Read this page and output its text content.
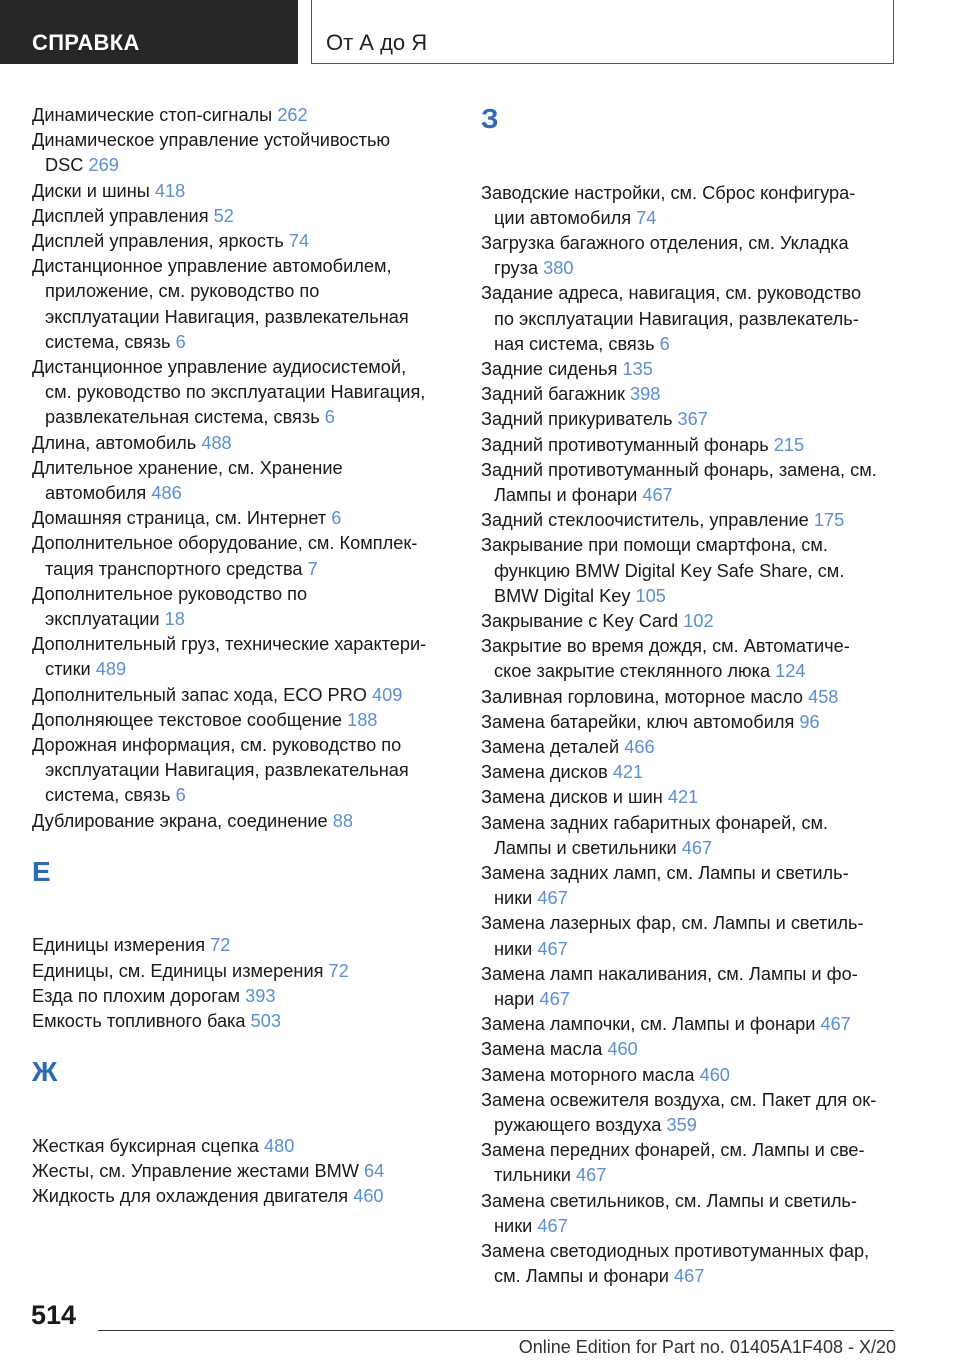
СПРАВКА	От А до Я
Динамические стоп-сигналы 262
Динамическое управление устойчивостью
DSC 269
Диски и шины 418
Дисплей управления 52
Дисплей управления, яркость 74
Дистанционное управление автомобилем,
приложение, см. руководство по
эксплуатации Навигация, развлекательная
система, связь 6
Дистанционное управление аудиосистемой,
см. руководство по эксплуатации Навигация,
развлекательная система, связь 6
Длина, автомобиль 488
Длительное хранение, см. Хранение
автомобиля 486
Домашняя страница, см. Интернет 6
Дополнительное оборудование, см. Комплек-
тация транспортного средства 7
Дополнительное руководство по
эксплуатации 18
Дополнительный груз, технические характери-
стики 489
Дополнительный запас хода, ECO PRO 409
Дополняющее текстовое сообщение 188
Дорожная информация, см. руководство по
эксплуатации Навигация, развлекательная
система, связь 6
Дублирование экрана, соединение 88
Е
Единицы измерения 72
Единицы, см. Единицы измерения 72
Езда по плохим дорогам 393
Емкость топливного бака 503
Ж
Жесткая буксирная сцепка 480
Жесты, см. Управление жестами BMW 64
Жидкость для охлаждения двигателя 460
З
Заводские настройки, см. Сброс конфигура-
ции автомобиля 74
Загрузка багажного отделения, см. Укладка
груза 380
Задание адреса, навигация, см. руководство
по эксплуатации Навигация, развлекатель-
ная система, связь 6
Задние сиденья 135
Задний багажник 398
Задний прикуриватель 367
Задний противотуманный фонарь 215
Задний противотуманный фонарь, замена, см.
Лампы и фонари 467
Задний стеклоочиститель, управление 175
Закрывание при помощи смартфона, см.
функцию BMW Digital Key Safe Share, см.
BMW Digital Key 105
Закрывание с Key Card 102
Закрытие во время дождя, см. Автоматиче-
ское закрытие стеклянного люка 124
Заливная горловина, моторное масло 458
Замена батарейки, ключ автомобиля 96
Замена деталей 466
Замена дисков 421
Замена дисков и шин 421
Замена задних габаритных фонарей, см.
Лампы и светильники 467
Замена задних ламп, см. Лампы и светиль-
ники 467
Замена лазерных фар, см. Лампы и светиль-
ники 467
Замена ламп накаливания, см. Лампы и фо-
нари 467
Замена лампочки, см. Лампы и фонари 467
Замена масла 460
Замена моторного масла 460
Замена освежителя воздуха, см. Пакет для ок-
ружающего воздуха 359
Замена передних фонарей, см. Лампы и све-
тильники 467
Замена светильников, см. Лампы и светиль-
ники 467
Замена светодиодных противотуманных фар,
см. Лампы и фонари 467
514
Online Edition for Part no. 01405A1F408 - X/20
